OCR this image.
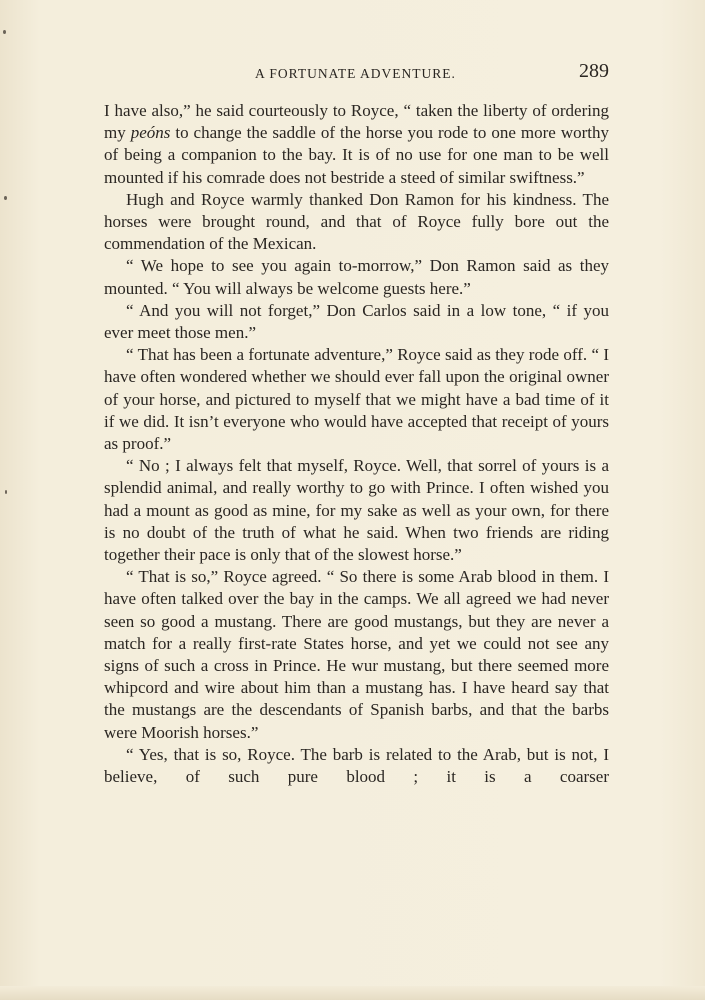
A FORTUNATE ADVENTURE.	289

I have also,” he said courteously to Royce, “ taken the liberty of ordering my peóns to change the saddle of the horse you rode to one more worthy of being a companion to the bay. It is of no use for one man to be well mounted if his comrade does not bestride a steed of similar swiftness.”

Hugh and Royce warmly thanked Don Ramon for his kindness. The horses were brought round, and that of Royce fully bore out the commendation of the Mexican.

“ We hope to see you again to-morrow,” Don Ramon said as they mounted. “ You will always be welcome guests here.”

“ And you will not forget,” Don Carlos said in a low tone, “ if you ever meet those men.”

“ That has been a fortunate adventure,” Royce said as they rode off. “ I have often wondered whether we should ever fall upon the original owner of your horse, and pictured to myself that we might have a bad time of it if we did. It isn’t everyone who would have accepted that receipt of yours as proof.”

“ No ; I always felt that myself, Royce. Well, that sorrel of yours is a splendid animal, and really worthy to go with Prince. I often wished you had a mount as good as mine, for my sake as well as your own, for there is no doubt of the truth of what he said. When two friends are riding together their pace is only that of the slowest horse.”

“ That is so,” Royce agreed. “ So there is some Arab blood in them. I have often talked over the bay in the camps. We all agreed we had never seen so good a mustang. There are good mustangs, but they are never a match for a really first-rate States horse, and yet we could not see any signs of such a cross in Prince. He wur mustang, but there seemed more whipcord and wire about him than a mustang has. I have heard say that the mustangs are the descendants of Spanish barbs, and that the barbs were Moorish horses.”

“ Yes, that is so, Royce. The barb is related to the Arab, but is not, I believe, of such pure blood ; it is a coarser
